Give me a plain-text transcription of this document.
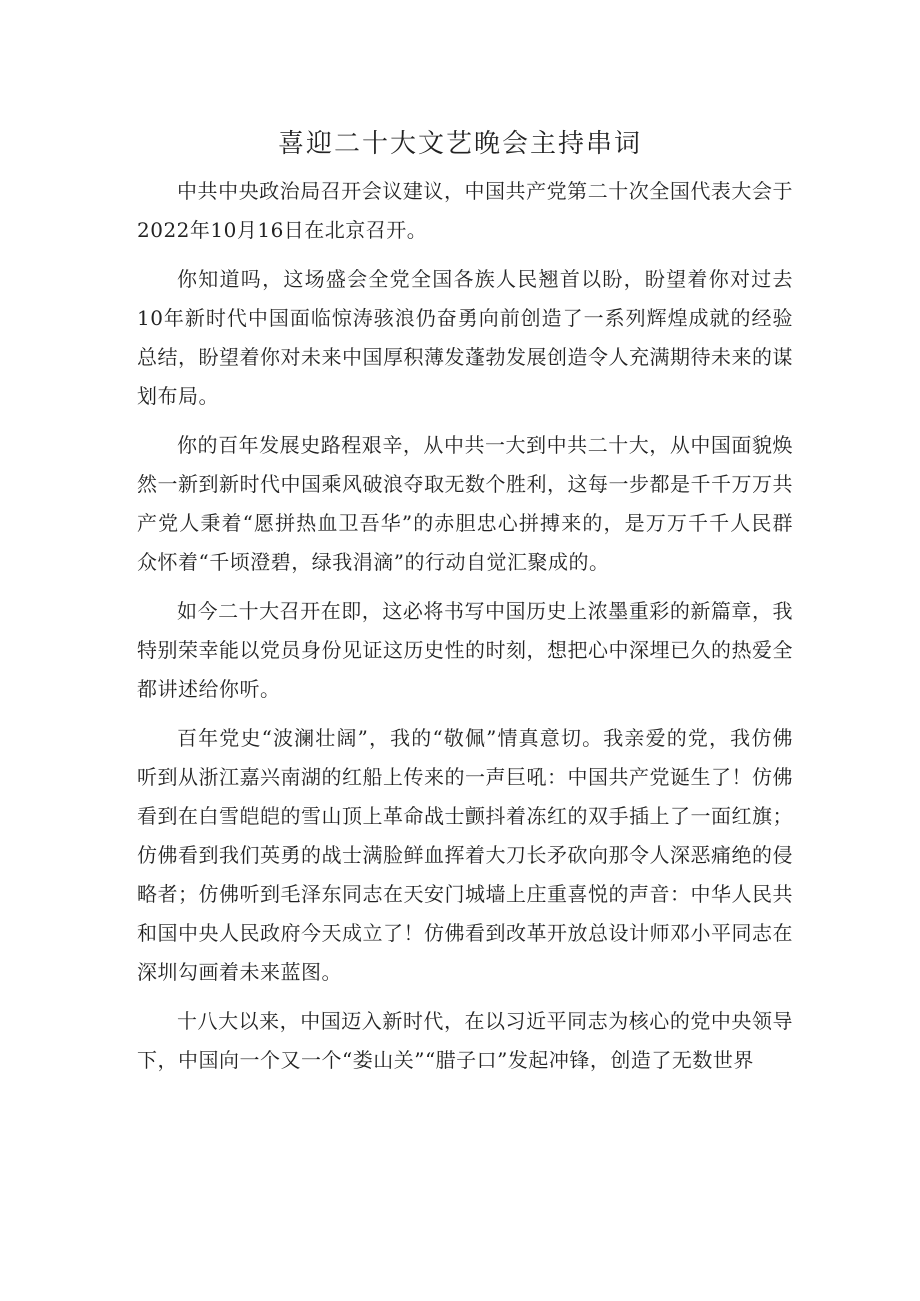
喜迎二十大文艺晚会主持串词

中共中央政治局召开会议建议，中国共产党第二十次全国代表大会于2022年10月16日在北京召开。

你知道吗，这场盛会全党全国各族人民翘首以盼，盼望着你对过去10年新时代中国面临惊涛骇浪仍奋勇向前创造了一系列辉煌成就的经验总结，盼望着你对未来中国厚积薄发蓬勃发展创造令人充满期待未来的谋划布局。

你的百年发展史路程艰辛，从中共一大到中共二十大，从中国面貌焕然一新到新时代中国乘风破浪夺取无数个胜利，这每一步都是千千万万共产党人秉着“愿拼热血卫吾华”的赤胆忠心拼搏来的，是万万千千人民群众怀着“千顷澄碧，绿我涓滴”的行动自觉汇聚成的。

如今二十大召开在即，这必将书写中国历史上浓墨重彩的新篇章，我特别荣幸能以党员身份见证这历史性的时刻，想把心中深埋已久的热爱全都讲述给你听。

百年党史“波澜壮阔”，我的“敬佩”情真意切。我亲爱的党，我仿佛听到从浙江嘉兴南湖的红船上传来的一声巨吼：中国共产党诞生了！仿佛看到在白雪皑皑的雪山顶上革命战士颤抖着冻红的双手插上了一面红旗；仿佛看到我们英勇的战士满脸鲜血挥着大刀长矛砍向那令人深恶痛绝的侵略者；仿佛听到毛泽东同志在天安门城墙上庄重喜悦的声音：中华人民共和国中央人民政府今天成立了！仿佛看到改革开放总设计师邓小平同志在深圳勾画着未来蓝图。

十八大以来，中国迈入新时代，在以习近平同志为核心的党中央领导下，中国向一个又一个“娄山关”“腊子口”发起冲锋，创造了无数世界
